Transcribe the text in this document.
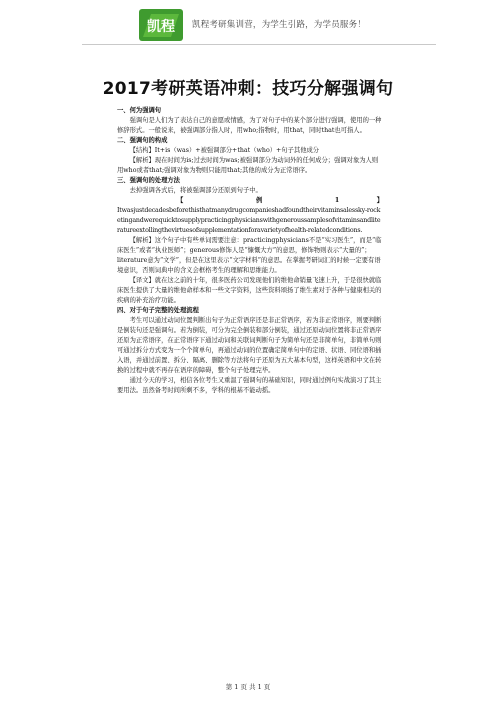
凯程 凯程考研集训营，为学生引路，为学员服务！
2017考研英语冲刺：技巧分解强调句

一、何为强调句

强调句是人们为了表达自己的意愿或情感，为了对句子中的某个部分进行强调，使用的一种修辞形式。一般说来，被强调部分指人时，用who;指物时，用that，同时that也可指人。

二、强调句的构成

【结构】It+is（was）+被强调部分+that（who）+句子其他成分

【解析】现在时间为is;过去时间为was;被强调部分为动词外的任何成分；强调对象为人则用who或者that;强调对象为物则只能用that;其他的成分为正常语序。

三、强调句的处理方法

去掉强调各式后，将被强调部分还原到句子中。

【	例	1	】

Itwasjustdecadesbeforethisthatmanydrugcompanieshadfoundtheirvitaminsalessky-rocketingandwerequicktosupplypracticingphysicianswithgeneroussamplesofvitaminsandliteratureextollingthevirtuesofsupplementationforavarietyofhealth-relatedconditions.

【解析】这个句子中有些单词需要注意：practicingphysicians不是“实习医生”，而是“临床医生”或者“执业医师”；generous修饰人是“慷慨大方”的意思，修饰物则表示“大量的”；literature意为“文学”，但是在这里表示“文字材料”的意思。在掌握考研词汇的时候一定要有语境意识，否则词典中的含义会框格考生的理解和思维能力。

【译文】就在这之前的十年，很多医药公司发现他们的维他命销量飞速上升，于是很快就临床医生提供了大量的维他命样本和一些文字资料，这些资料颂扬了维生素对于各种与健康相关的疾病的补充治疗功能。

四、对于句子完整的处理流程

考生可以通过动词位置判断出句子为正常语序还是非正常语序，若为非正常语序，则要判断是倒装句还是强调句。若为倒装，可分为完全倒装和部分倒装，通过还原动词位置将非正常语序还原为正常语序，在正常语序下通过动词和关联词判断句子为简单句还是非简单句，非简单句则可通过拆分方式变为一个个简单句，再通过动词的位置确定简单句中的定语、状语、同位语和插入语，并通过前置、拆分、隔离、删除等方法将句子还原为五大基本句型，这样英语和中文在转换的过程中就不再存在语序的障碍，整个句子处理完毕。

通过今天的学习，相信各位考生又重温了强调句的基础知识，同时通过例句实战演习了其主要用法。虽然备考时间所剩不多，学科的根基不能动摇。

第 1 页 共 1 页
